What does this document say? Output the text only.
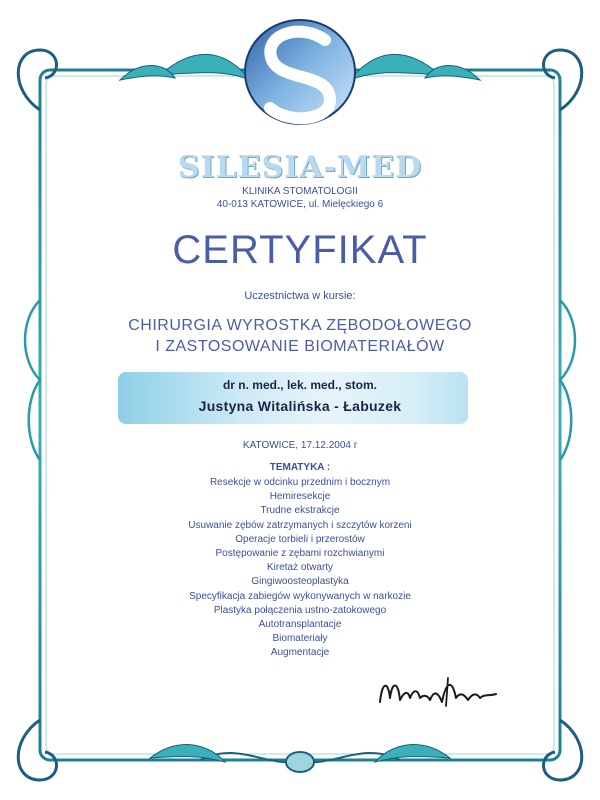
SILESIA-MED
KLINIKA STOMATOLOGII
40-013 KATOWICE, ul. Mielęckiego 6
CERTYFIKAT
Uczestnictwa w kursie:
CHIRURGIA WYROSTKA ZĘBODOŁOWEGO
I ZASTOSOWANIE BIOMATERIAŁÓW
dr n. med., lek. med., stom.
Justyna Witalińska - Łabuzek
KATOWICE, 17.12.2004 r
TEMATYKA :
Resekcje w odcinku przednim i bocznym
Hemiresekcje
Trudne ekstrakcje
Usuwanie zębów zatrzymanych i szczytów korzeni
Operacje torbieli i przerostów
Postępowanie z zębami rozchwianymi
Kiretaż otwarty
Gingiwoosteoplastyka
Specyfikacja zabiegów wykonywanych w narkozie
Plastyka połączenia ustno-zatokowego
Autotransplantacje
Biomateriały
Augmentacje
